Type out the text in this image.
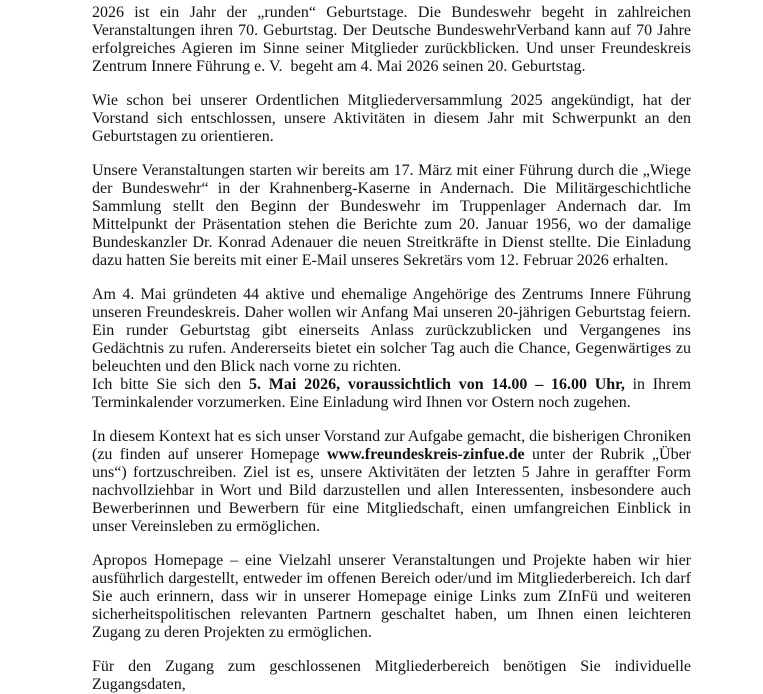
2026 ist ein Jahr der „runden“ Geburtstage. Die Bundeswehr begeht in zahlreichen Veranstaltungen ihren 70. Geburtstag. Der Deutsche BundeswehrVerband kann auf 70 Jahre erfolgreiches Agieren im Sinne seiner Mitglieder zurückblicken. Und unser Freundeskreis Zentrum Innere Führung e. V.  begeht am 4. Mai 2026 seinen 20. Geburtstag.

Wie schon bei unserer Ordentlichen Mitgliederversammlung 2025 angekündigt, hat der Vorstand sich entschlossen, unsere Aktivitäten in diesem Jahr mit Schwerpunkt an den Geburtstagen zu orientieren.

Unsere Veranstaltungen starten wir bereits am 17. März mit einer Führung durch die „Wiege der Bundeswehr“ in der Krahnenberg-Kaserne in Andernach. Die Militärgeschichtliche Sammlung stellt den Beginn der Bundeswehr im Truppenlager Andernach dar. Im Mittelpunkt der Präsentation stehen die Berichte zum 20. Januar 1956, wo der damalige Bundeskanzler Dr. Konrad Adenauer die neuen Streitkräfte in Dienst stellte. Die Einladung dazu hatten Sie bereits mit einer E-Mail unseres Sekretärs vom 12. Februar 2026 erhalten.

Am 4. Mai gründeten 44 aktive und ehemalige Angehörige des Zentrums Innere Führung unseren Freundeskreis. Daher wollen wir Anfang Mai unseren 20-jährigen Geburtstag feiern. Ein runder Geburtstag gibt einerseits Anlass zurückzublicken und Vergangenes ins Gedächtnis zu rufen. Andererseits bietet ein solcher Tag auch die Chance, Gegenwärtiges zu beleuchten und den Blick nach vorne zu richten.
Ich bitte Sie sich den 5. Mai 2026, voraussichtlich von 14.00 – 16.00 Uhr, in Ihrem Terminkalender vorzumerken. Eine Einladung wird Ihnen vor Ostern noch zugehen.

In diesem Kontext hat es sich unser Vorstand zur Aufgabe gemacht, die bisherigen Chroniken (zu finden auf unserer Homepage www.freundeskreis-zinfue.de unter der Rubrik „Über uns“) fortzuschreiben. Ziel ist es, unsere Aktivitäten der letzten 5 Jahre in geraffter Form nachvollziehbar in Wort und Bild darzustellen und allen Interessenten, insbesondere auch Bewerberinnen und Bewerbern für eine Mitgliedschaft, einen umfangreichen Einblick in unser Vereinsleben zu ermöglichen.

Apropos Homepage – eine Vielzahl unserer Veranstaltungen und Projekte haben wir hier ausführlich dargestellt, entweder im offenen Bereich oder/und im Mitgliederbereich. Ich darf Sie auch erinnern, dass wir in unserer Homepage einige Links zum ZInFü und weiteren sicherheitspolitischen relevanten Partnern geschaltet haben, um Ihnen einen leichteren Zugang zu deren Projekten zu ermöglichen.

Für den Zugang zum geschlossenen Mitgliederbereich benötigen Sie individuelle Zugangsdaten,
